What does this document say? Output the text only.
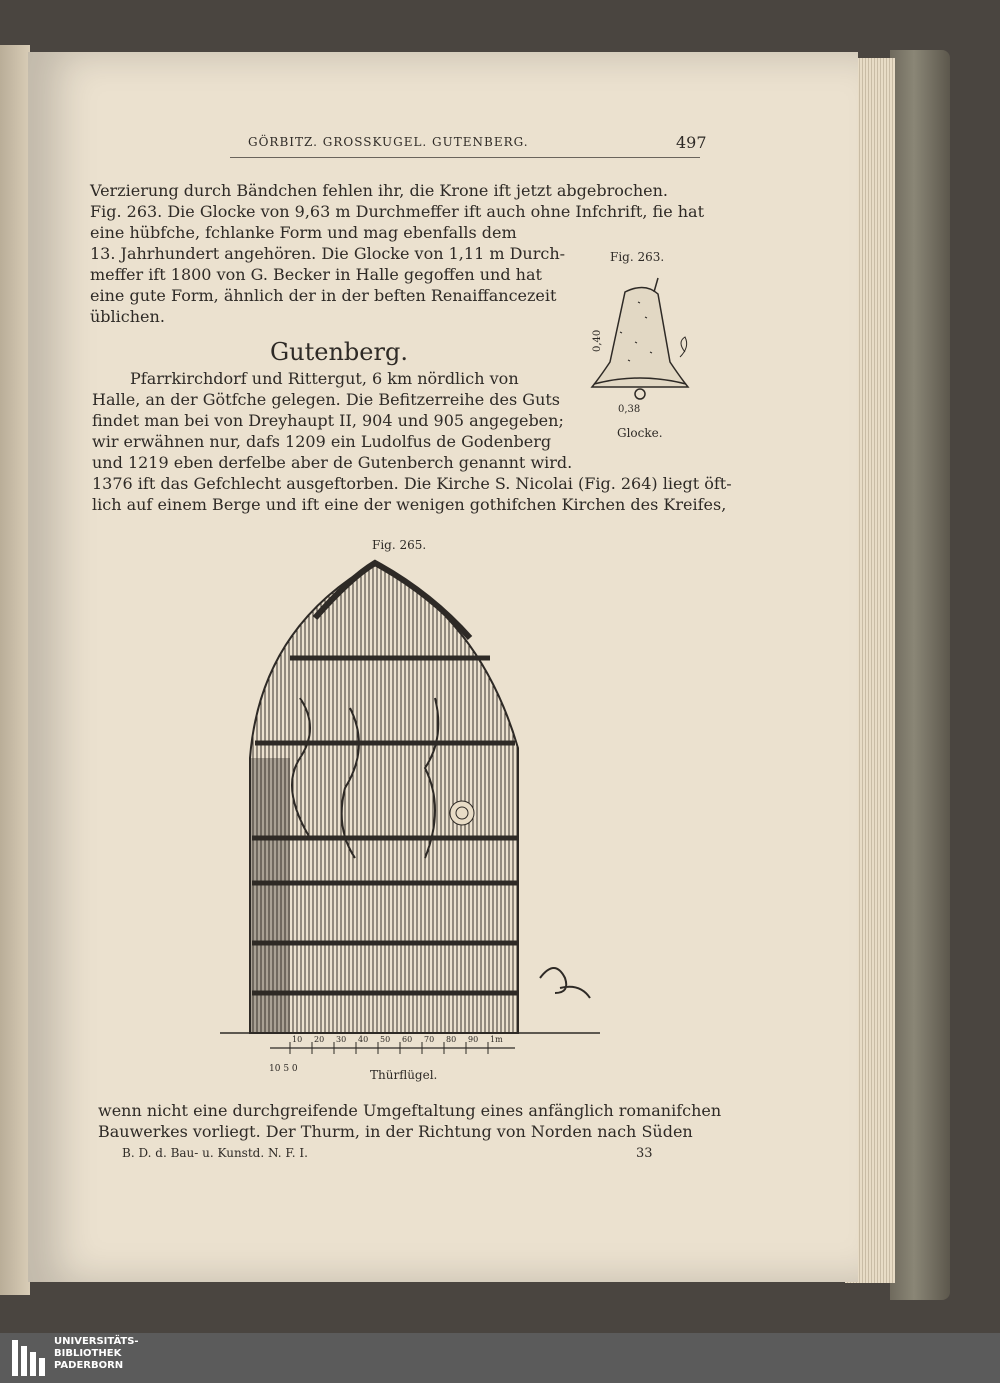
GÖRBITZ. GROSSKUGEL. GUTENBERG.	497
Verzierung durch Bändchen fehlen ihr, die Krone ift jetzt abgebrochen.
Fig. 263. Die Glocke von 9,63 m Durchmeffer ift auch ohne Infchrift, fie hat
eine hübfche, fchlanke Form und mag ebenfalls dem
13. Jahrhundert angehören. Die Glocke von 1,11 m Durch-
meffer ift 1800 von G. Becker in Halle gegoffen und hat
eine gute Form, ähnlich der in der beften Renaiffancezeit
üblichen.
Gutenberg.
Pfarrkirchdorf und Rittergut, 6 km nördlich von
Halle, an der Götfche gelegen. Die Befitzerreihe des Guts
findet man bei von Dreyhaupt II, 904 und 905 angegeben;
wir erwähnen nur, dafs 1209 ein Ludolfus de Godenberg
und 1219 eben derfelbe aber de Gutenberch genannt wird.
1376 ift das Gefchlecht ausgeftorben. Die Kirche S. Nicolai (Fig. 264) liegt öft-
lich auf einem Berge und ift eine der wenigen gothifchen Kirchen des Kreifes,
Fig. 263.
0,40
0,38
Glocke.
Fig. 265.
10 20 30 40 50 60 70 80 90 1m
10 5 0	Thürflügel.
wenn nicht eine durchgreifende Umgeftaltung eines anfänglich romanifchen
Bauwerkes vorliegt. Der Thurm, in der Richtung von Norden nach Süden
B. D. d. Bau- u. Kunstd. N. F. I.	33
UNIVERSITÄTS-
BIBLIOTHEK
PADERBORN
